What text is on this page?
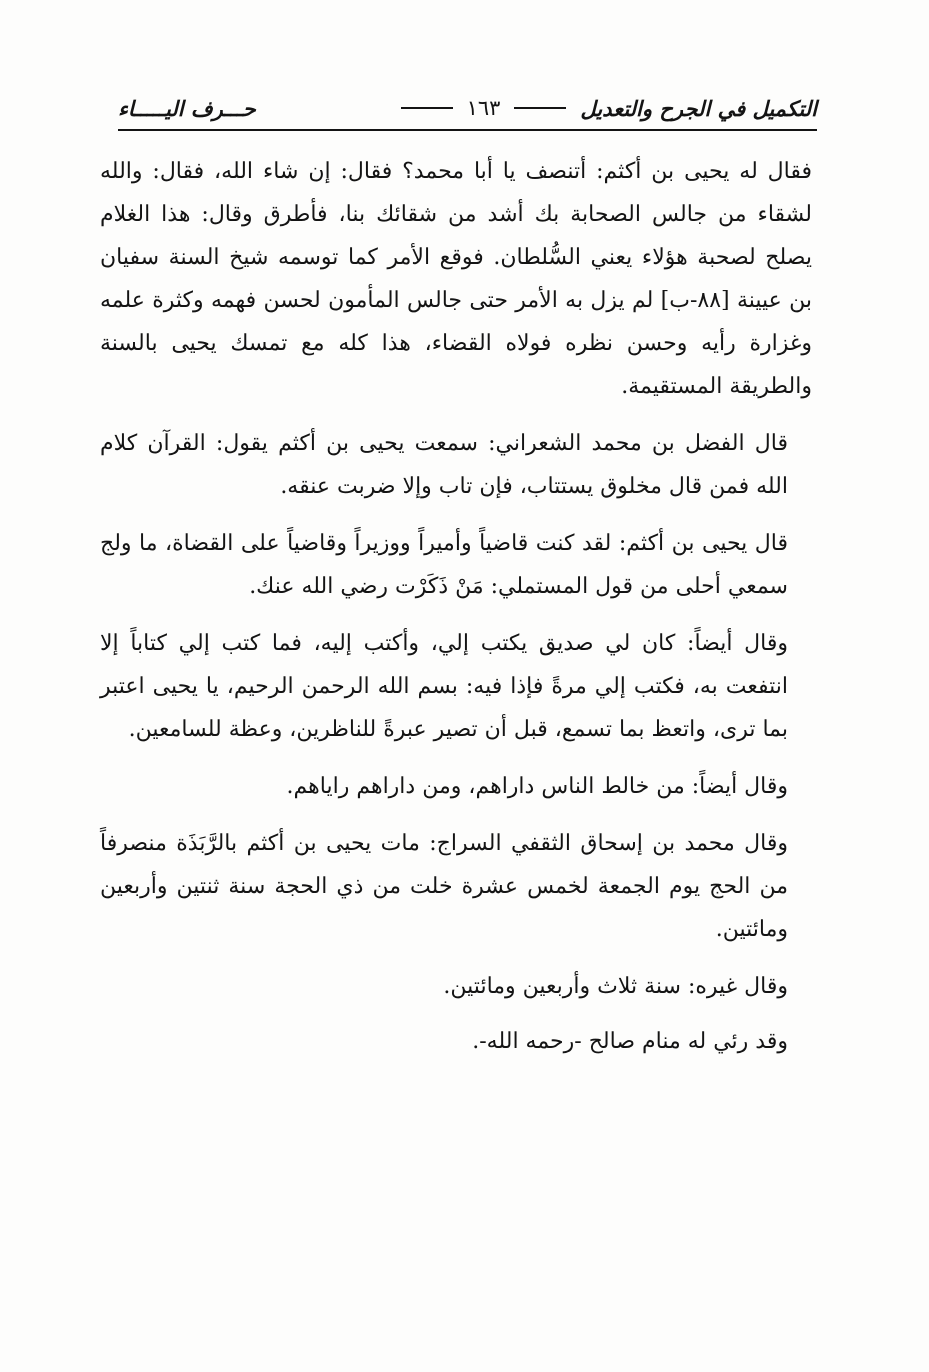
التكميل في الجرح والتعديل
١٦٣
حـــرف اليـــــاء

فقال له يحيى بن أكثم: أتنصف يا أبا محمد؟ فقال: إن شاء الله، فقال: والله لشقاء من جالس الصحابة بك أشد من شقائك بنا، فأطرق وقال: هذا الغلام يصلح لصحبة هؤلاء يعني السُّلطان. فوقع الأمر كما توسمه شيخ السنة سفيان بن عيينة [٨٨-ب] لم يزل به الأمر حتى جالس المأمون لحسن فهمه وكثرة علمه وغزارة رأيه وحسن نظره فولاه القضاء، هذا كله مع تمسك يحيى بالسنة والطريقة المستقيمة.

قال الفضل بن محمد الشعراني: سمعت يحيى بن أكثم يقول: القرآن كلام الله فمن قال مخلوق يستتاب، فإن تاب وإلا ضربت عنقه.

قال يحيى بن أكثم: لقد كنت قاضياً وأميراً ووزيراً وقاضياً على القضاة، ما ولج سمعي أحلى من قول المستملي: مَنْ ذَكَرْت رضي الله عنك.

وقال أيضاً: كان لي صديق يكتب إلي، وأكتب إليه، فما كتب إلي كتاباً إلا انتفعت به، فكتب إلي مرةً فإذا فيه: بسم الله الرحمن الرحيم، يا يحيى اعتبر بما ترى، واتعظ بما تسمع، قبل أن تصير عبرةً للناظرين، وعظة للسامعين.

وقال أيضاً: من خالط الناس داراهم، ومن داراهم راياهم.

وقال محمد بن إسحاق الثقفي السراج: مات يحيى بن أكثم بالرَّبَذَة منصرفاً من الحج يوم الجمعة لخمس عشرة خلت من ذي الحجة سنة ثنتين وأربعين ومائتين.

وقال غيره: سنة ثلاث وأربعين ومائتين.

وقد رئي له منام صالح -رحمه الله-.
